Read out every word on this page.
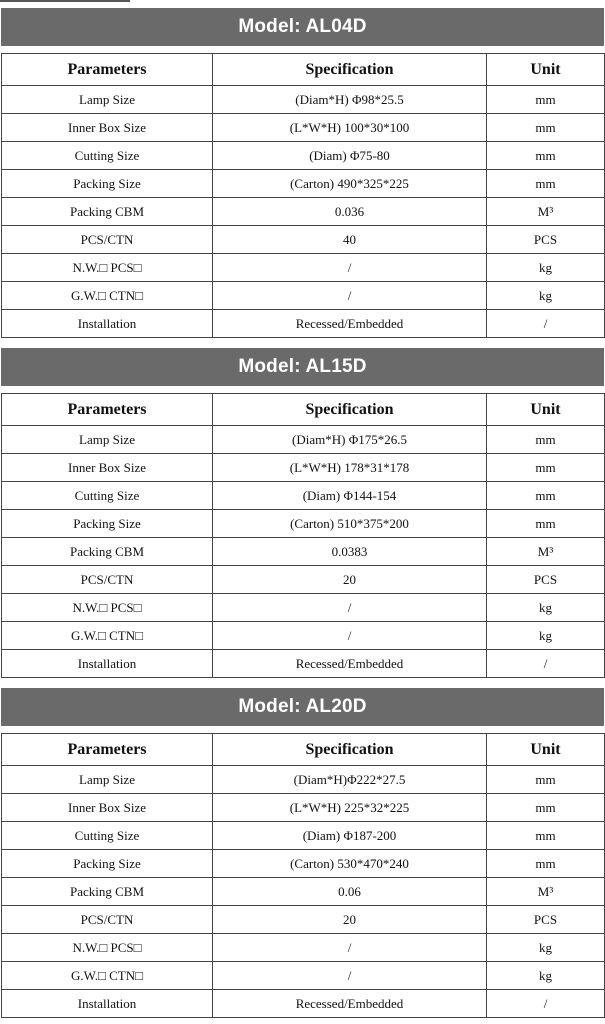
Model: AL04D
Parameters	Specification	Unit
Lamp Size	(Diam*H) Φ98*25.5	mm
Inner Box Size	(L*W*H) 100*30*100	mm
Cutting Size	(Diam) Φ75-80	mm
Packing Size	(Carton) 490*325*225	mm
Packing CBM	0.036	M³
PCS/CTN	40	PCS
N.W.□ PCS□	/	kg
G.W.□ CTN□	/	kg
Installation	Recessed/Embedded	/
Model: AL15D
Parameters	Specification	Unit
Lamp Size	(Diam*H) Φ175*26.5	mm
Inner Box Size	(L*W*H) 178*31*178	mm
Cutting Size	(Diam) Φ144-154	mm
Packing Size	(Carton) 510*375*200	mm
Packing CBM	0.0383	M³
PCS/CTN	20	PCS
N.W.□ PCS□	/	kg
G.W.□ CTN□	/	kg
Installation	Recessed/Embedded	/
Model: AL20D
Parameters	Specification	Unit
Lamp Size	(Diam*H)Φ222*27.5	mm
Inner Box Size	(L*W*H) 225*32*225	mm
Cutting Size	(Diam) Φ187-200	mm
Packing Size	(Carton) 530*470*240	mm
Packing CBM	0.06	M³
PCS/CTN	20	PCS
N.W.□ PCS□	/	kg
G.W.□ CTN□	/	kg
Installation	Recessed/Embedded	/
